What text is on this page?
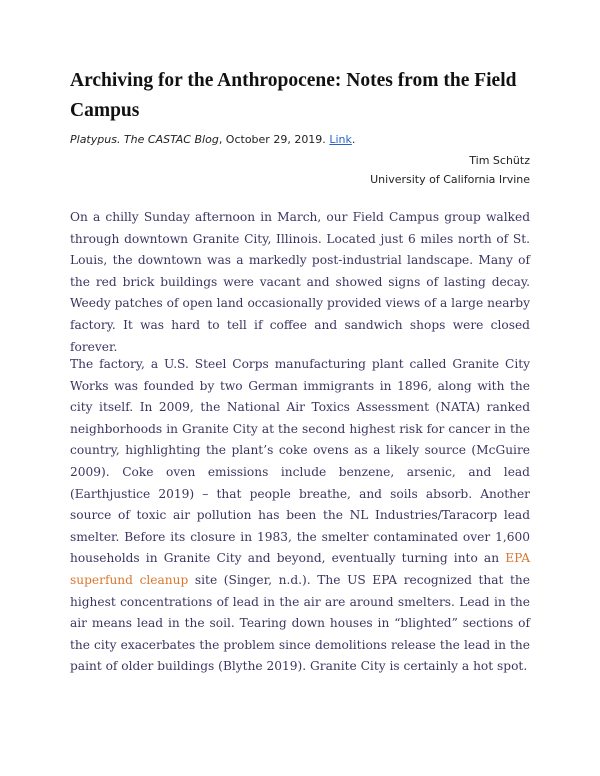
Archiving for the Anthropocene: Notes from the Field Campus

Platypus. The CASTAC Blog, October 29, 2019. Link.

Tim Schütz
University of California Irvine

On a chilly Sunday afternoon in March, our Field Campus group walked through downtown Granite City, Illinois. Located just 6 miles north of St. Louis, the downtown was a markedly post-industrial landscape. Many of the red brick buildings were vacant and showed signs of lasting decay. Weedy patches of open land occasionally provided views of a large nearby factory. It was hard to tell if coffee and sandwich shops were closed forever.

The factory, a U.S. Steel Corps manufacturing plant called Granite City Works was founded by two German immigrants in 1896, along with the city itself. In 2009, the National Air Toxics Assessment (NATA) ranked neighborhoods in Granite City at the second highest risk for cancer in the country, highlighting the plant’s coke ovens as a likely source (McGuire 2009). Coke oven emissions include benzene, arsenic, and lead (Earthjustice 2019) – that people breathe, and soils absorb. Another source of toxic air pollution has been the NL Industries/Taracorp lead smelter. Before its closure in 1983, the smelter contaminated over 1,600 households in Granite City and beyond, eventually turning into an EPA superfund cleanup site (Singer, n.d.). The US EPA recognized that the highest concentrations of lead in the air are around smelters. Lead in the air means lead in the soil. Tearing down houses in “blighted” sections of the city exacerbates the problem since demolitions release the lead in the paint of older buildings (Blythe 2019). Granite City is certainly a hot spot.
